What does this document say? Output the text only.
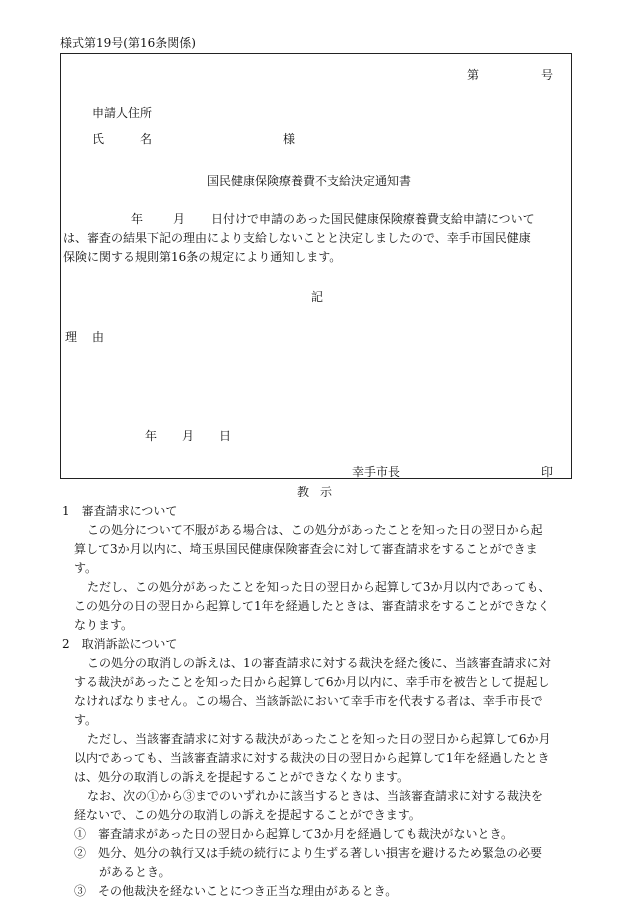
様式第19号(第16条関係)
第	号
申請人住所
氏	名	様
国民健康保険療養費不支給決定通知書
年 月 日付けで申請のあった国民健康保険療養費支給申請について
は、審査の結果下記の理由により支給しないことと決定しましたので、幸手市国民健康
保険に関する規則第16条の規定により通知します。
記
理 由
年 月 日
幸手市長	印
教 示
1　審査請求について
この処分について不服がある場合は、この処分があったことを知った日の翌日から起
算して3か月以内に、埼玉県国民健康保険審査会に対して審査請求をすることができま
す。
ただし、この処分があったことを知った日の翌日から起算して3か月以内であっても、
この処分の日の翌日から起算して1年を経過したときは、審査請求をすることができなく
なります。
2　取消訴訟について
この処分の取消しの訴えは、1の審査請求に対する裁決を経た後に、当該審査請求に対
する裁決があったことを知った日から起算して6か月以内に、幸手市を被告として提起し
なければなりません。この場合、当該訴訟において幸手市を代表する者は、幸手市長で
す。
ただし、当該審査請求に対する裁決があったことを知った日の翌日から起算して6か月
以内であっても、当該審査請求に対する裁決の日の翌日から起算して1年を経過したとき
は、処分の取消しの訴えを提起することができなくなります。
なお、次の①から③までのいずれかに該当するときは、当該審査請求に対する裁決を
経ないで、この処分の取消しの訴えを提起することができます。
①　審査請求があった日の翌日から起算して3か月を経過しても裁決がないとき。
②　処分、処分の執行又は手続の続行により生ずる著しい損害を避けるため緊急の必要
があるとき。
③　その他裁決を経ないことにつき正当な理由があるとき。
